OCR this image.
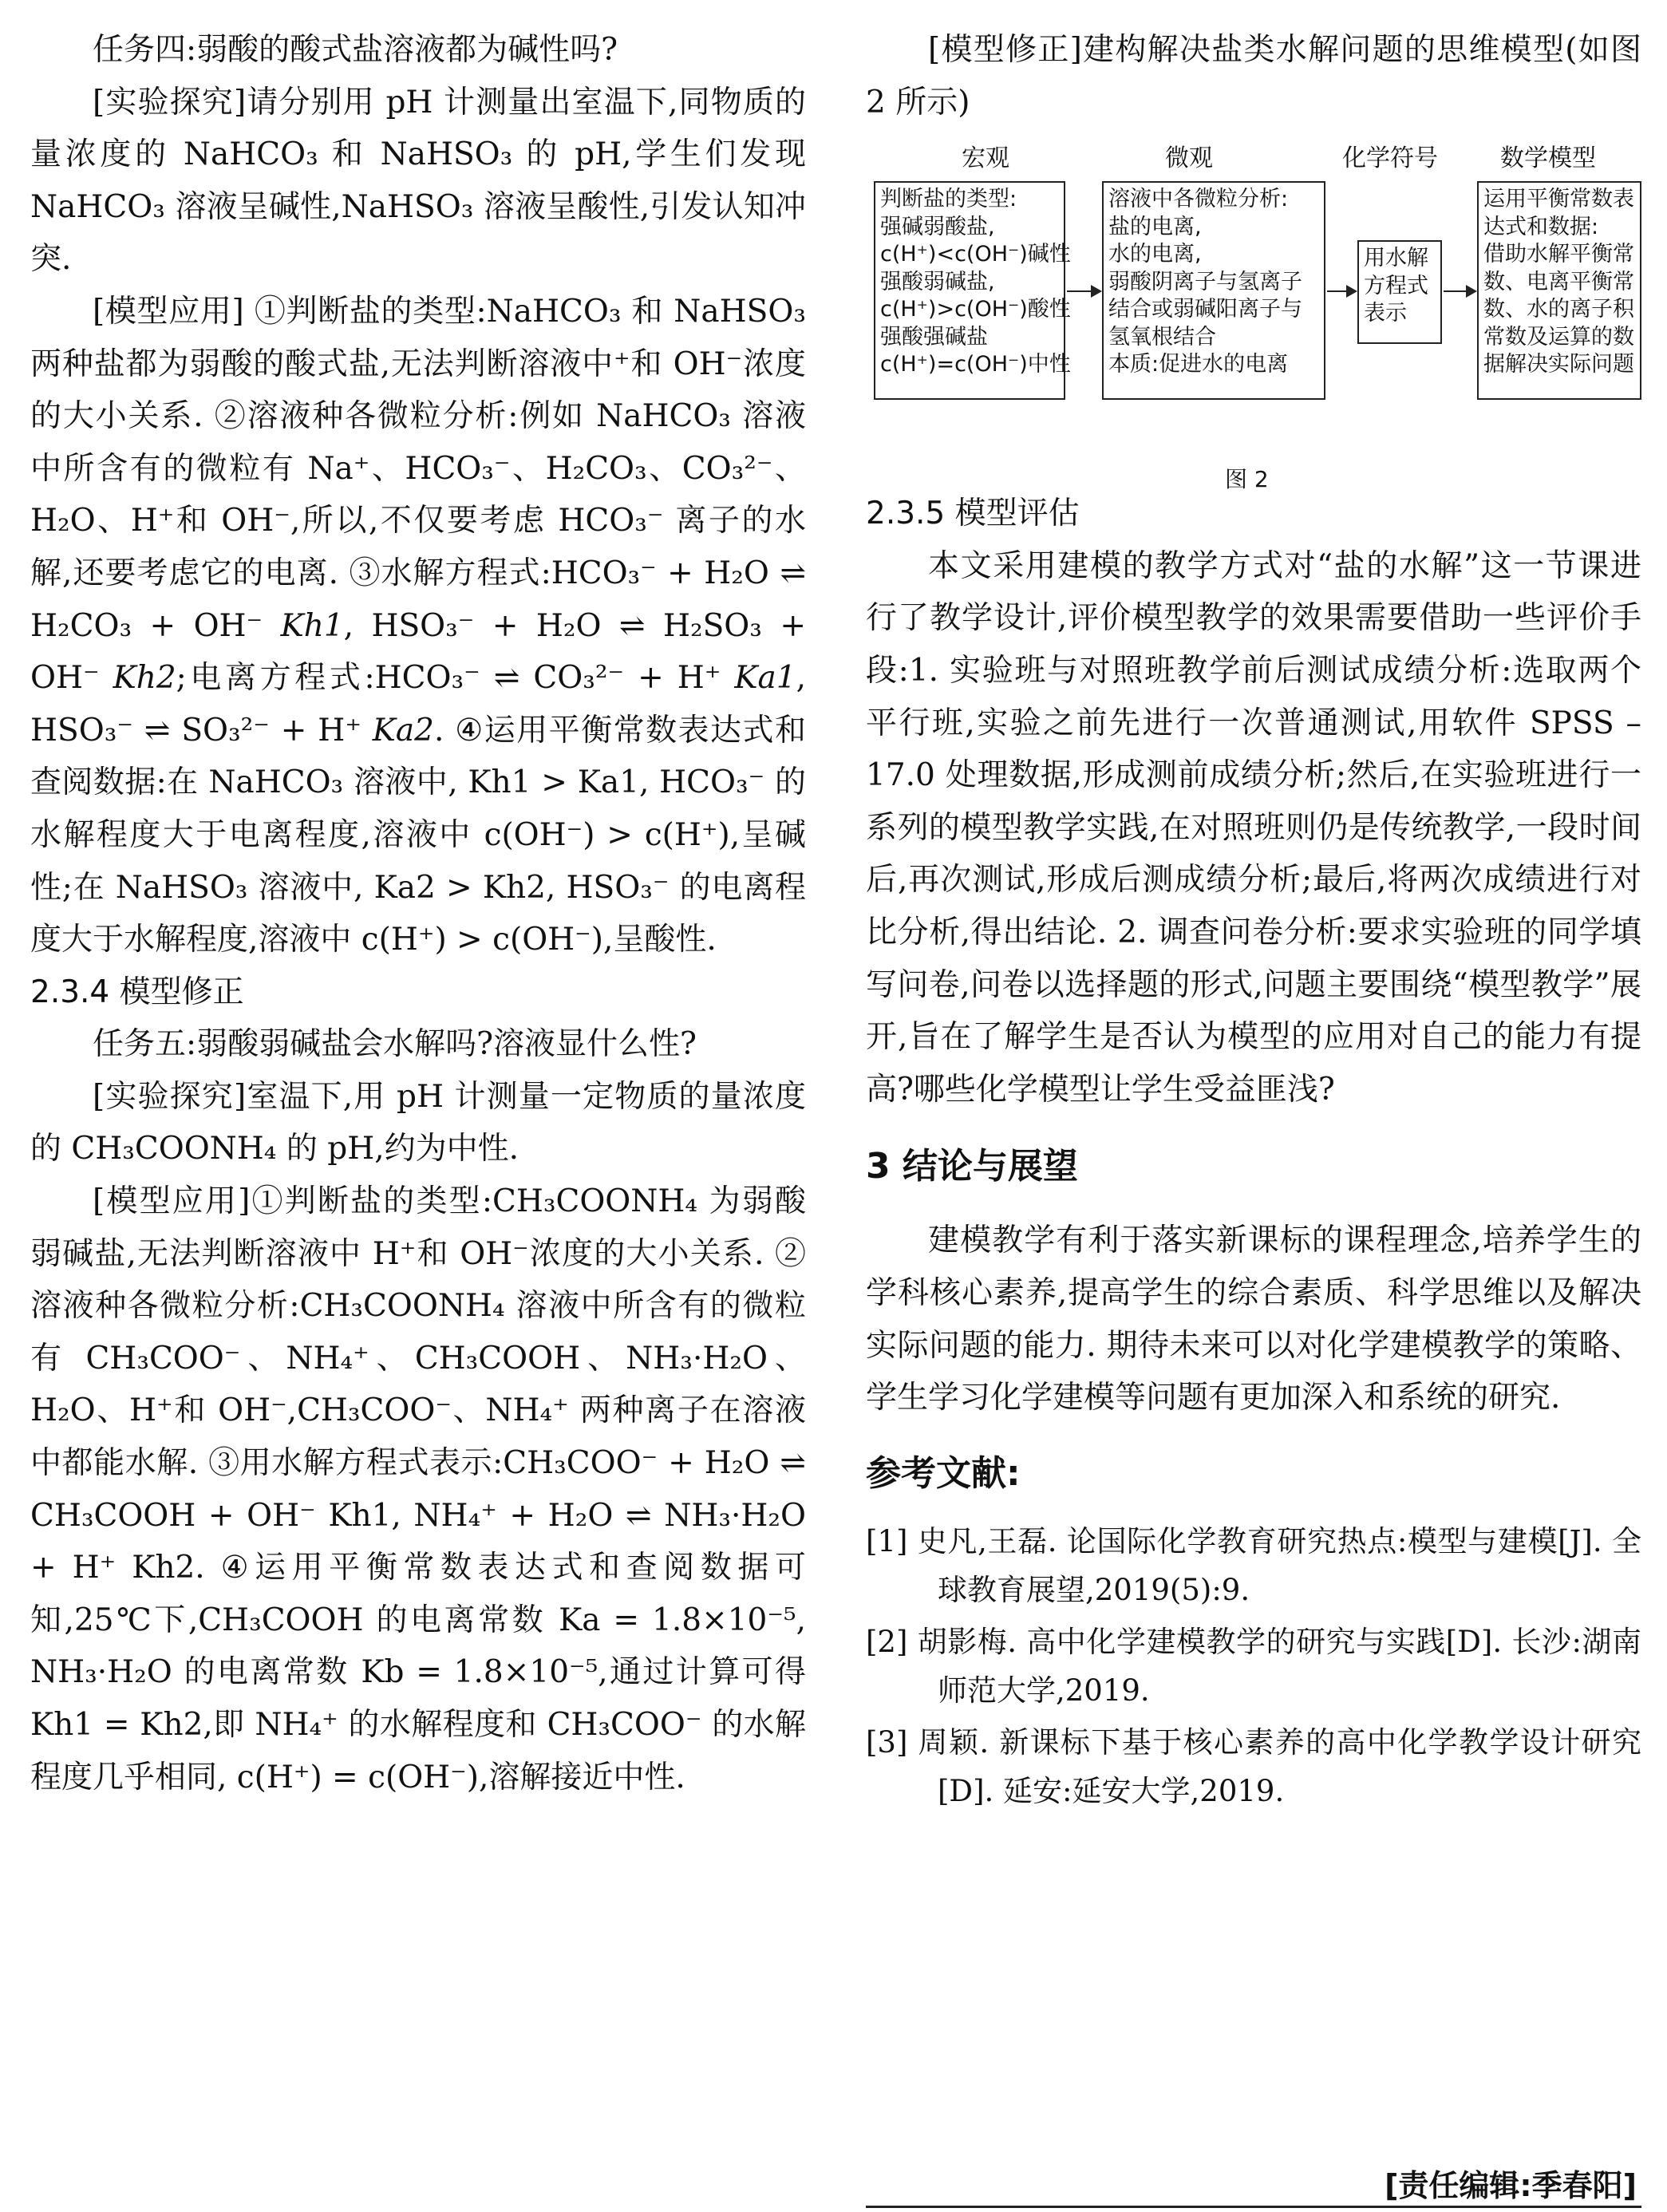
任务四:弱酸的酸式盐溶液都为碱性吗?

[实验探究]请分别用 pH 计测量出室温下,同物质的量浓度的 NaHCO₃ 和 NaHSO₃ 的 pH,学生们发现 NaHCO₃ 溶液呈碱性,NaHSO₃ 溶液呈酸性,引发认知冲突.

[模型应用] ①判断盐的类型:NaHCO₃ 和 NaHSO₃ 两种盐都为弱酸的酸式盐,无法判断溶液中⁺和 OH⁻浓度的大小关系. ②溶液种各微粒分析:例如 NaHCO₃ 溶液中所含有的微粒有 Na⁺、HCO₃⁻、H₂CO₃、CO₃²⁻、H₂O、H⁺和 OH⁻,所以,不仅要考虑 HCO₃⁻ 离子的水解,还要考虑它的电离. ③水解方程式:HCO₃⁻ + H₂O ⇌ H₂CO₃ + OH⁻ Kh1, HSO₃⁻ + H₂O ⇌ H₂SO₃ + OH⁻ Kh2;电离方程式:HCO₃⁻ ⇌ CO₃²⁻ + H⁺ Ka1, HSO₃⁻ ⇌ SO₃²⁻ + H⁺ Ka2. ④运用平衡常数表达式和查阅数据:在 NaHCO₃ 溶液中, Kh1 > Ka1, HCO₃⁻ 的水解程度大于电离程度,溶液中 c(OH⁻) > c(H⁺),呈碱性;在 NaHSO₃ 溶液中, Ka2 > Kh2, HSO₃⁻ 的电离程度大于水解程度,溶液中 c(H⁺) > c(OH⁻),呈酸性.

2.3.4 模型修正

任务五:弱酸弱碱盐会水解吗?溶液显什么性?

[实验探究]室温下,用 pH 计测量一定物质的量浓度的 CH₃COONH₄ 的 pH,约为中性.

[模型应用]①判断盐的类型:CH₃COONH₄ 为弱酸弱碱盐,无法判断溶液中 H⁺和 OH⁻浓度的大小关系. ②溶液种各微粒分析:CH₃COONH₄ 溶液中所含有的微粒有 CH₃COO⁻、NH₄⁺、CH₃COOH、NH₃·H₂O、H₂O、H⁺和 OH⁻,CH₃COO⁻、NH₄⁺ 两种离子在溶液中都能水解. ③用水解方程式表示:CH₃COO⁻ + H₂O ⇌ CH₃COOH + OH⁻ Kh1, NH₄⁺ + H₂O ⇌ NH₃·H₂O + H⁺ Kh2. ④运用平衡常数表达式和查阅数据可知,25℃下,CH₃COOH 的电离常数 Ka = 1.8×10⁻⁵, NH₃·H₂O 的电离常数 Kb = 1.8×10⁻⁵,通过计算可得 Kh1 = Kh2,即 NH₄⁺ 的水解程度和 CH₃COO⁻ 的水解程度几乎相同, c(H⁺) = c(OH⁻),溶解接近中性.

[模型修正]建构解决盐类水解问题的思维模型(如图 2 所示)

宏观	微观	化学符号	数学模型
判断盐的类型:
强碱弱酸盐,
c(H⁺)<c(OH⁻)碱性
强酸弱碱盐,
c(H⁺)>c(OH⁻)酸性
强酸强碱盐
c(H⁺)=c(OH⁻)中性
溶液中各微粒分析:
盐的电离,
水的电离,
弱酸阴离子与氢离子
结合或弱碱阳离子与
氢氧根结合
本质:促进水的电离
用水解
方程式
表示
运用平衡常数表
达式和数据:
借助水解平衡常
数、电离平衡常
数、水的离子积
常数及运算的数
据解决实际问题
图 2

2.3.5 模型评估

本文采用建模的教学方式对“盐的水解”这一节课进行了教学设计,评价模型教学的效果需要借助一些评价手段:1. 实验班与对照班教学前后测试成绩分析:选取两个平行班,实验之前先进行一次普通测试,用软件 SPSS – 17.0 处理数据,形成测前成绩分析;然后,在实验班进行一系列的模型教学实践,在对照班则仍是传统教学,一段时间后,再次测试,形成后测成绩分析;最后,将两次成绩进行对比分析,得出结论. 2. 调查问卷分析:要求实验班的同学填写问卷,问卷以选择题的形式,问题主要围绕“模型教学”展开,旨在了解学生是否认为模型的应用对自己的能力有提高?哪些化学模型让学生受益匪浅?

3 结论与展望

建模教学有利于落实新课标的课程理念,培养学生的学科核心素养,提高学生的综合素质、科学思维以及解决实际问题的能力. 期待未来可以对化学建模教学的策略、学生学习化学建模等问题有更加深入和系统的研究.

参考文献:

[1] 史凡,王磊. 论国际化学教育研究热点:模型与建模[J]. 全球教育展望,2019(5):9.

[2] 胡影梅. 高中化学建模教学的研究与实践[D]. 长沙:湖南师范大学,2019.

[3] 周颖. 新课标下基于核心素养的高中化学教学设计研究[D]. 延安:延安大学,2019.

[责任编辑:季春阳]
